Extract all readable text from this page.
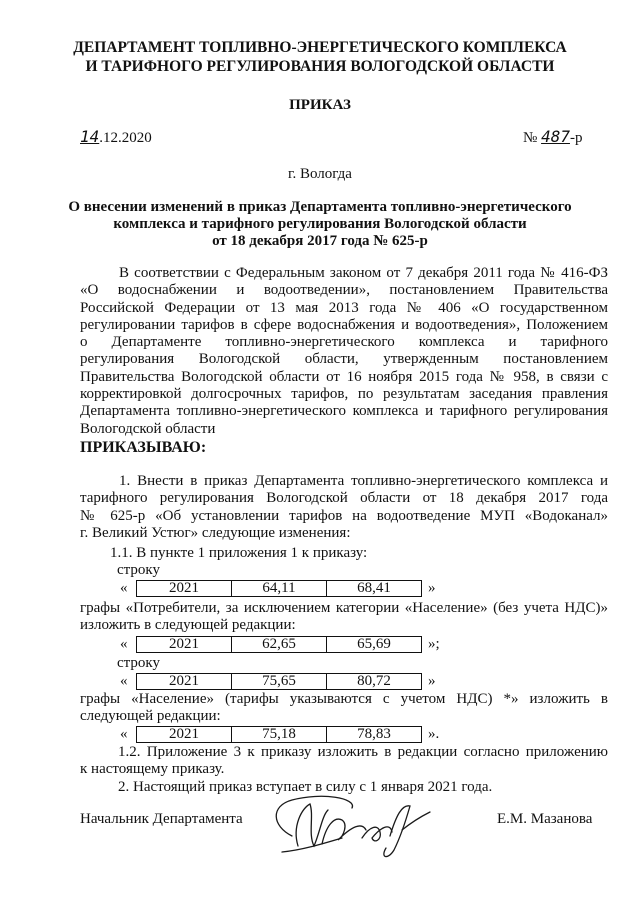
ДЕПАРТАМЕНТ ТОПЛИВНО-ЭНЕРГЕТИЧЕСКОГО КОМПЛЕКСА
И ТАРИФНОГО РЕГУЛИРОВАНИЯ ВОЛОГОДСКОЙ ОБЛАСТИ
ПРИКАЗ
14.12.2020	№ 487-р
г. Вологда
О внесении изменений в приказ Департамента топливно-энергетического
комплекса и тарифного регулирования Вологодской области
от 18 декабря 2017 года № 625-р
В соответствии с Федеральным законом от 7 декабря 2011 года № 416-ФЗ
«О водоснабжении и водоотведении», постановлением Правительства
Российской Федерации от 13 мая 2013 года № 406 «О государственном
регулировании тарифов в сфере водоснабжения и водоотведения», Положением
о Департаменте топливно-энергетического комплекса и тарифного
регулирования Вологодской области, утвержденным постановлением
Правительства Вологодской области от 16 ноября 2015 года № 958, в связи с
корректировкой долгосрочных тарифов, по результатам заседания правления
Департамента топливно-энергетического комплекса и тарифного регулирования
Вологодской области
ПРИКАЗЫВАЮ:
1. Внести в приказ Департамента топливно-энергетического комплекса и
тарифного регулирования Вологодской области от 18 декабря 2017 года
№ 625-р «Об установлении тарифов на водоотведение МУП «Водоканал»
г. Великий Устюг» следующие изменения:
1.1. В пункте 1 приложения 1 к приказу:
строку
«	2021	64,11	68,41 »
графы «Потребители, за исключением категории «Население» (без учета НДС)»
изложить в следующей редакции:
«	2021	62,65	65,69 »;
строку
«	2021	75,65	80,72 »
графы «Население» (тарифы указываются с учетом НДС) *» изложить в
следующей редакции:
«	2021	75,18	78,83 ».
1.2. Приложение 3 к приказу изложить в редакции согласно приложению
к настоящему приказу.
2. Настоящий приказ вступает в силу с 1 января 2021 года.
Начальник Департамента	Е.М. Мазанова
